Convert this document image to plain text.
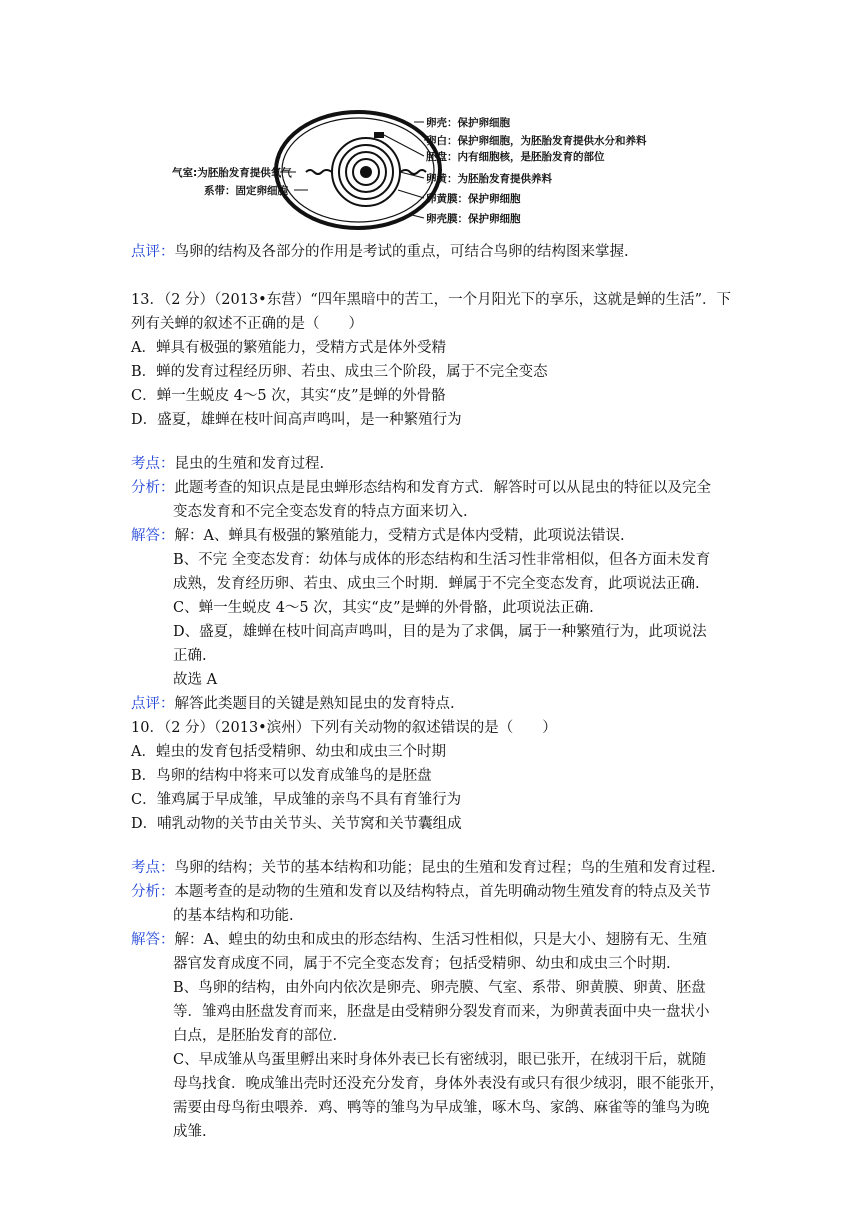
卵壳：保护卵细胞
卵白：保护卵细胞，为胚胎发育提供水分和养料
胚盘：内有细胞核，是胚胎发育的部位
卵黄：为胚胎发育提供养料
卵黄膜：保护卵细胞
卵壳膜：保护卵细胞
气室:为胚胎发育提供氧气
系带：固定卵细胞
点评：鸟卵的结构及各部分的作用是考试的重点，可结合鸟卵的结构图来掌握.
13．（2 分）（2013•东营）“四年黑暗中的苦工，一个月阳光下的享乐，这就是蝉的生活”．下
列有关蝉的叙述不正确的是（　　）
A．蝉具有极强的繁殖能力，受精方式是体外受精
B．蝉的发育过程经历卵、若虫、成虫三个阶段，属于不完全变态
C．蝉一生蜕皮 4～5 次，其实“皮”是蝉的外骨骼
D．盛夏，雄蝉在枝叶间高声鸣叫，是一种繁殖行为
考点：昆虫的生殖和发育过程.
分析：此题考查的知识点是昆虫蝉形态结构和发育方式．解答时可以从昆虫的特征以及完全
变态发育和不完全变态发育的特点方面来切入.
解答：解：A、蝉具有极强的繁殖能力，受精方式是体内受精，此项说法错误.
B、不完 全变态发育：幼体与成体的形态结构和生活习性非常相似，但各方面未发育
成熟，发育经历卵、若虫、成虫三个时期．蝉属于不完全变态发育，此项说法正确.
C、蝉一生蜕皮 4～5 次，其实“皮”是蝉的外骨骼，此项说法正确.
D、盛夏，雄蝉在枝叶间高声鸣叫，目的是为了求偶，属于一种繁殖行为，此项说法
正确.
故选 A
点评：解答此类题目的关键是熟知昆虫的发育特点.
10．（2 分）（2013•滨州）下列有关动物的叙述错误的是（　　）
A．蝗虫的发育包括受精卵、幼虫和成虫三个时期
B．鸟卵的结构中将来可以发育成雏鸟的是胚盘
C．雏鸡属于早成雏，早成雏的亲鸟不具有育雏行为
D．哺乳动物的关节由关节头、关节窝和关节囊组成
考点：鸟卵的结构；关节的基本结构和功能；昆虫的生殖和发育过程；鸟的生殖和发育过程.
分析：本题考查的是动物的生殖和发育以及结构特点，首先明确动物生殖发育的特点及关节
的基本结构和功能.
解答：解：A、蝗虫的幼虫和成虫的形态结构、生活习性相似，只是大小、翅膀有无、生殖
器官发育成度不同，属于不完全变态发育；包括受精卵、幼虫和成虫三个时期.
B、鸟卵的结构，由外向内依次是卵壳、卵壳膜、气室、系带、卵黄膜、卵黄、胚盘
等．雏鸡由胚盘发育而来，胚盘是由受精卵分裂发育而来，为卵黄表面中央一盘状小
白点，是胚胎发育的部位.
C、早成雏从鸟蛋里孵出来时身体外表已长有密绒羽，眼已张开，在绒羽干后，就随
母鸟找食．晚成雏出壳时还没充分发育，身体外表没有或只有很少绒羽，眼不能张开，
需要由母鸟衔虫喂养．鸡、鸭等的雏鸟为早成雏，啄木鸟、家鸽、麻雀等的雏鸟为晚
成雏.
